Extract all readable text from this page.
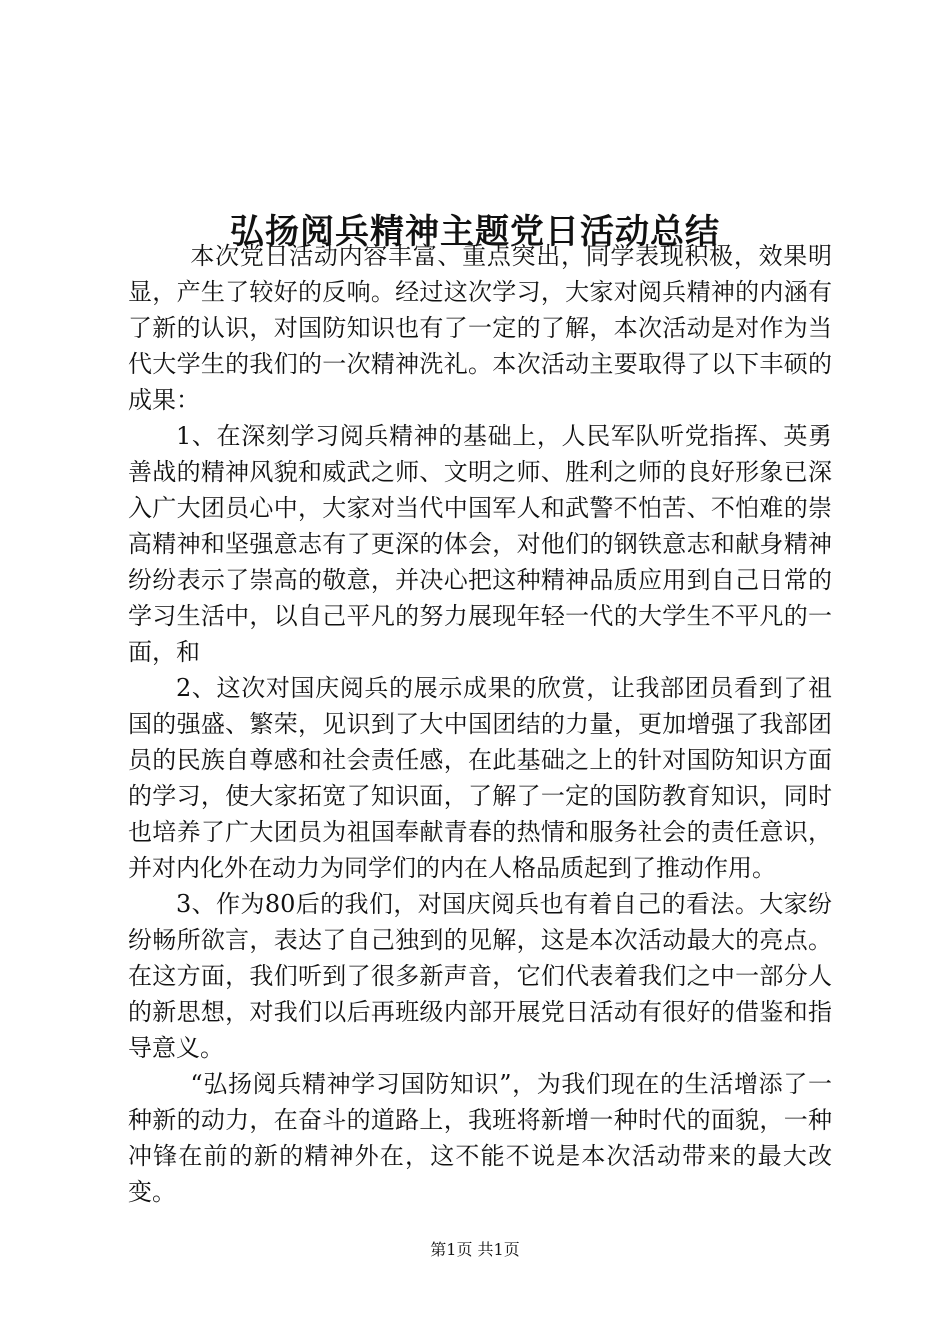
弘扬阅兵精神主题党日活动总结

本次党日活动内容丰富、重点突出，同学表现积极，效果明显，产生了较好的反响。经过这次学习，大家对阅兵精神的内涵有了新的认识，对国防知识也有了一定的了解，本次活动是对作为当代大学生的我们的一次精神洗礼。本次活动主要取得了以下丰硕的成果：

1、在深刻学习阅兵精神的基础上，人民军队听党指挥、英勇善战的精神风貌和威武之师、文明之师、胜利之师的良好形象已深入广大团员心中，大家对当代中国军人和武警不怕苦、不怕难的崇高精神和坚强意志有了更深的体会，对他们的钢铁意志和献身精神纷纷表示了崇高的敬意，并决心把这种精神品质应用到自己日常的学习生活中，以自己平凡的努力展现年轻一代的大学生不平凡的一面，和

2、这次对国庆阅兵的展示成果的欣赏，让我部团员看到了祖国的强盛、繁荣，见识到了大中国团结的力量，更加增强了我部团员的民族自尊感和社会责任感，在此基础之上的针对国防知识方面的学习，使大家拓宽了知识面，了解了一定的国防教育知识，同时也培养了广大团员为祖国奉献青春的热情和服务社会的责任意识，并对内化外在动力为同学们的内在人格品质起到了推动作用。

3、作为80后的我们，对国庆阅兵也有着自己的看法。大家纷纷畅所欲言，表达了自己独到的见解，这是本次活动最大的亮点。在这方面，我们听到了很多新声音，它们代表着我们之中一部分人的新思想，对我们以后再班级内部开展党日活动有很好的借鉴和指导意义。

“弘扬阅兵精神学习国防知识”，为我们现在的生活增添了一种新的动力，在奋斗的道路上，我班将新增一种时代的面貌，一种冲锋在前的新的精神外在，这不能不说是本次活动带来的最大改变。

第1页 共1页
